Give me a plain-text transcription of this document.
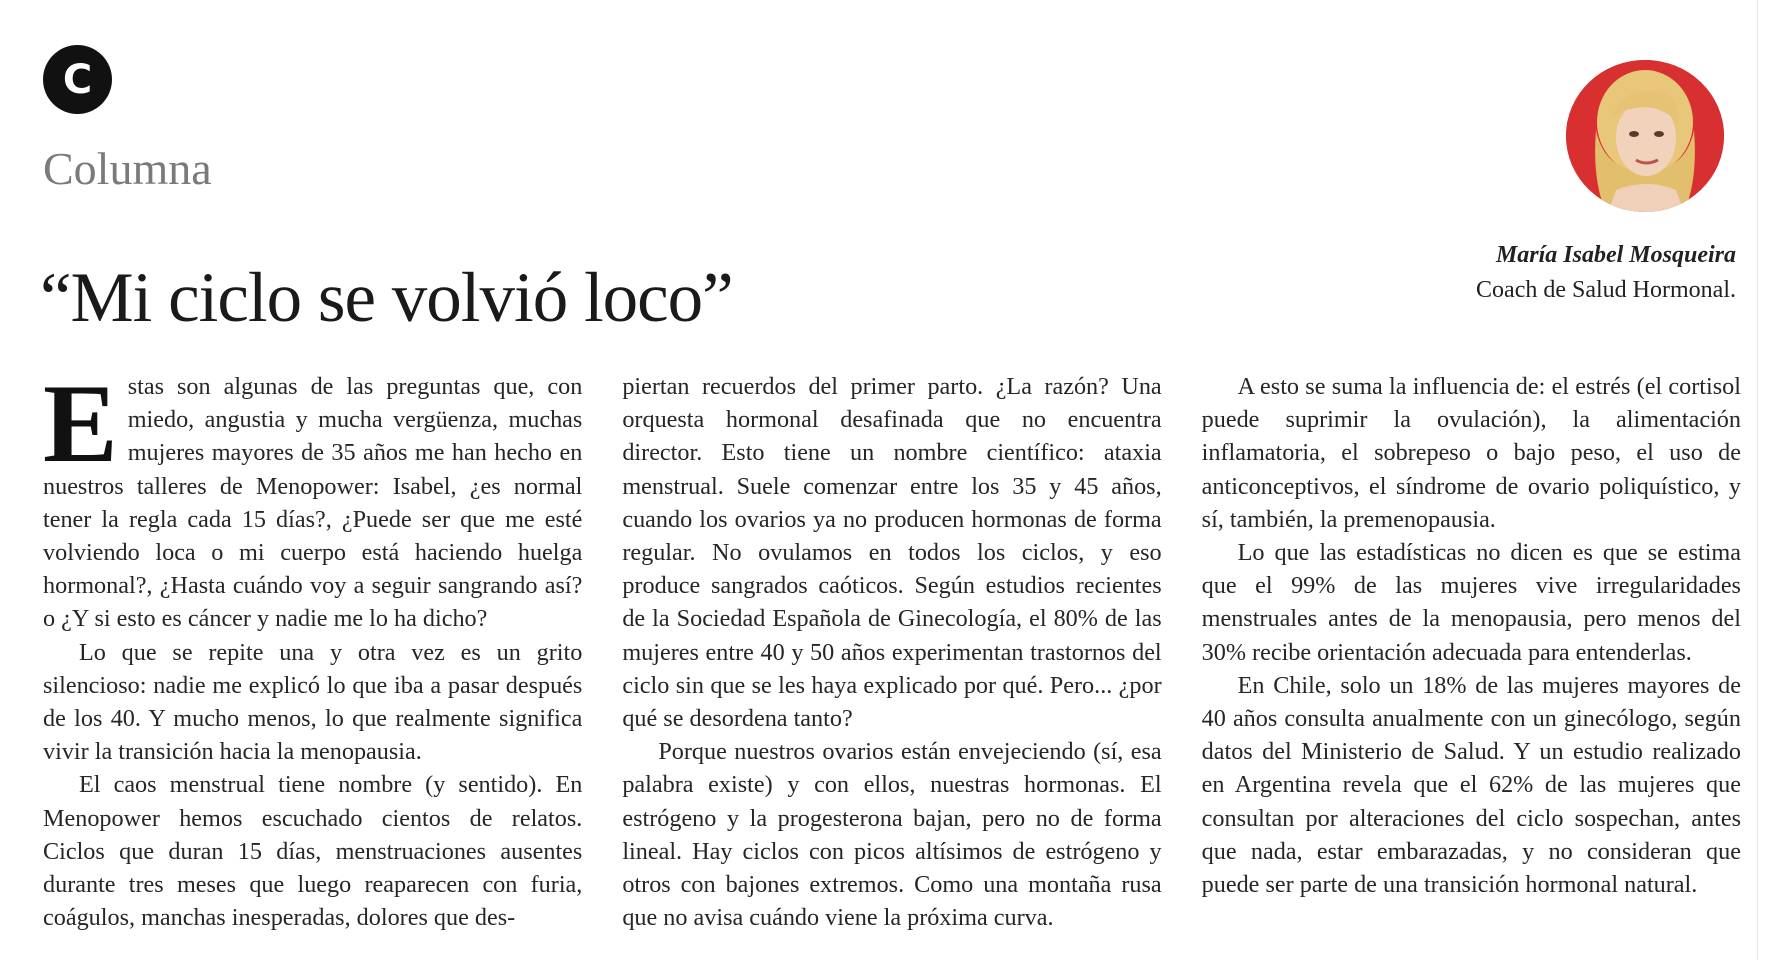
C
Columna
“Mi ciclo se volvió loco”
María Isabel Mosqueira
Coach de Salud Hormonal.

Estas son algunas de las preguntas que, con miedo, angustia y mucha vergüenza, muchas mujeres mayores de 35 años me han hecho en nuestros talleres de Menopower: Isabel, ¿es normal tener la regla cada 15 días?, ¿Puede ser que me esté volviendo loca o mi cuerpo está haciendo huelga hormonal?, ¿Hasta cuándo voy a seguir sangrando así? o ¿Y si esto es cáncer y nadie me lo ha dicho?

Lo que se repite una y otra vez es un grito silencioso: nadie me explicó lo que iba a pasar después de los 40. Y mucho menos, lo que realmente significa vivir la transición hacia la menopausia.

El caos menstrual tiene nombre (y sentido). En Menopower hemos escuchado cientos de relatos. Ciclos que duran 15 días, menstruaciones ausentes durante tres meses que luego reaparecen con furia, coágulos, manchas inesperadas, dolores que des-

piertan recuerdos del primer parto. ¿La razón? Una orquesta hormonal desafinada que no encuentra director. Esto tiene un nombre científico: ataxia menstrual. Suele comenzar entre los 35 y 45 años, cuando los ovarios ya no producen hormonas de forma regular. No ovulamos en todos los ciclos, y eso produce sangrados caóticos. Según estudios recientes de la Sociedad Española de Ginecología, el 80% de las mujeres entre 40 y 50 años experimentan trastornos del ciclo sin que se les haya explicado por qué. Pero... ¿por qué se desordena tanto?

Porque nuestros ovarios están envejeciendo (sí, esa palabra existe) y con ellos, nuestras hormonas. El estrógeno y la progesterona bajan, pero no de forma lineal. Hay ciclos con picos altísimos de estrógeno y otros con bajones extremos. Como una montaña rusa que no avisa cuándo viene la próxima curva.

A esto se suma la influencia de: el estrés (el cortisol puede suprimir la ovulación), la alimentación inflamatoria, el sobrepeso o bajo peso, el uso de anticonceptivos, el síndrome de ovario poliquístico, y sí, también, la premenopausia.

Lo que las estadísticas no dicen es que se estima que el 99% de las mujeres vive irregularidades menstruales antes de la menopausia, pero menos del 30% recibe orientación adecuada para entenderlas.

En Chile, solo un 18% de las mujeres mayores de 40 años consulta anualmente con un ginecólogo, según datos del Ministerio de Salud. Y un estudio realizado en Argentina revela que el 62% de las mujeres que consultan por alteraciones del ciclo sospechan, antes que nada, estar embarazadas, y no consideran que puede ser parte de una transición hormonal natural.
